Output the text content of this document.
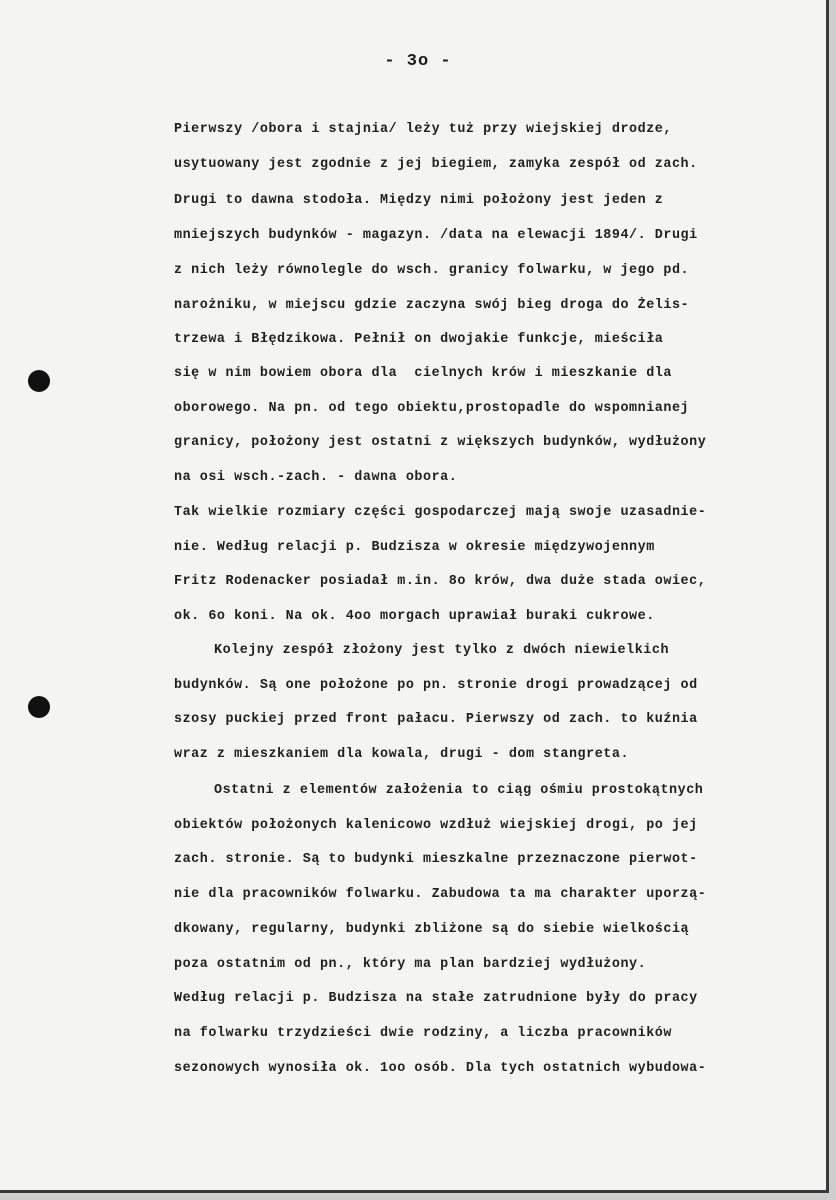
- 3o -
Pierwszy /obora i stajnia/ leży tuż przy wiejskiej drodze,
usytuowany jest zgodnie z jej biegiem, zamyka zespół od zach.
Drugi to dawna stodoła. Między nimi położony jest jeden z
mniejszych budynków - magazyn. /data na elewacji 1894/. Drugi
z nich leży równolegle do wsch. granicy folwarku, w jego pd.
narożniku, w miejscu gdzie zaczyna swój bieg droga do Żelis-
trzewa i Błędzikowa. Pełnił on dwojakie funkcje, mieściła
się w nim bowiem obora dla  cielnych krów i mieszkanie dla
oborowego. Na pn. od tego obiektu,prostopadle do wspomnianej
granicy, położony jest ostatni z większych budynków, wydłużony
na osi wsch.-zach. - dawna obora.
Tak wielkie rozmiary części gospodarczej mają swoje uzasadnie-
nie. Według relacji p. Budzisza w okresie międzywojennym
Fritz Rodenacker posiadał m.in. 8o krów, dwa duże stada owiec,
ok. 6o koni. Na ok. 4oo morgach uprawiał buraki cukrowe.
Kolejny zespół złożony jest tylko z dwóch niewielkich
budynków. Są one położone po pn. stronie drogi prowadzącej od
szosy puckiej przed front pałacu. Pierwszy od zach. to kuźnia
wraz z mieszkaniem dla kowala, drugi - dom stangreta.
Ostatni z elementów założenia to ciąg ośmiu prostokątnych
obiektów położonych kalenicowo wzdłuż wiejskiej drogi, po jej
zach. stronie. Są to budynki mieszkalne przeznaczone pierwot-
nie dla pracowników folwarku. Zabudowa ta ma charakter uporzą-
dkowany, regularny, budynki zbliżone są do siebie wielkością
poza ostatnim od pn., który ma plan bardziej wydłużony.
Według relacji p. Budzisza na stałe zatrudnione były do pracy
na folwarku trzydzieści dwie rodziny, a liczba pracowników
sezonowych wynosiła ok. 1oo osób. Dla tych ostatnich wybudowa-
